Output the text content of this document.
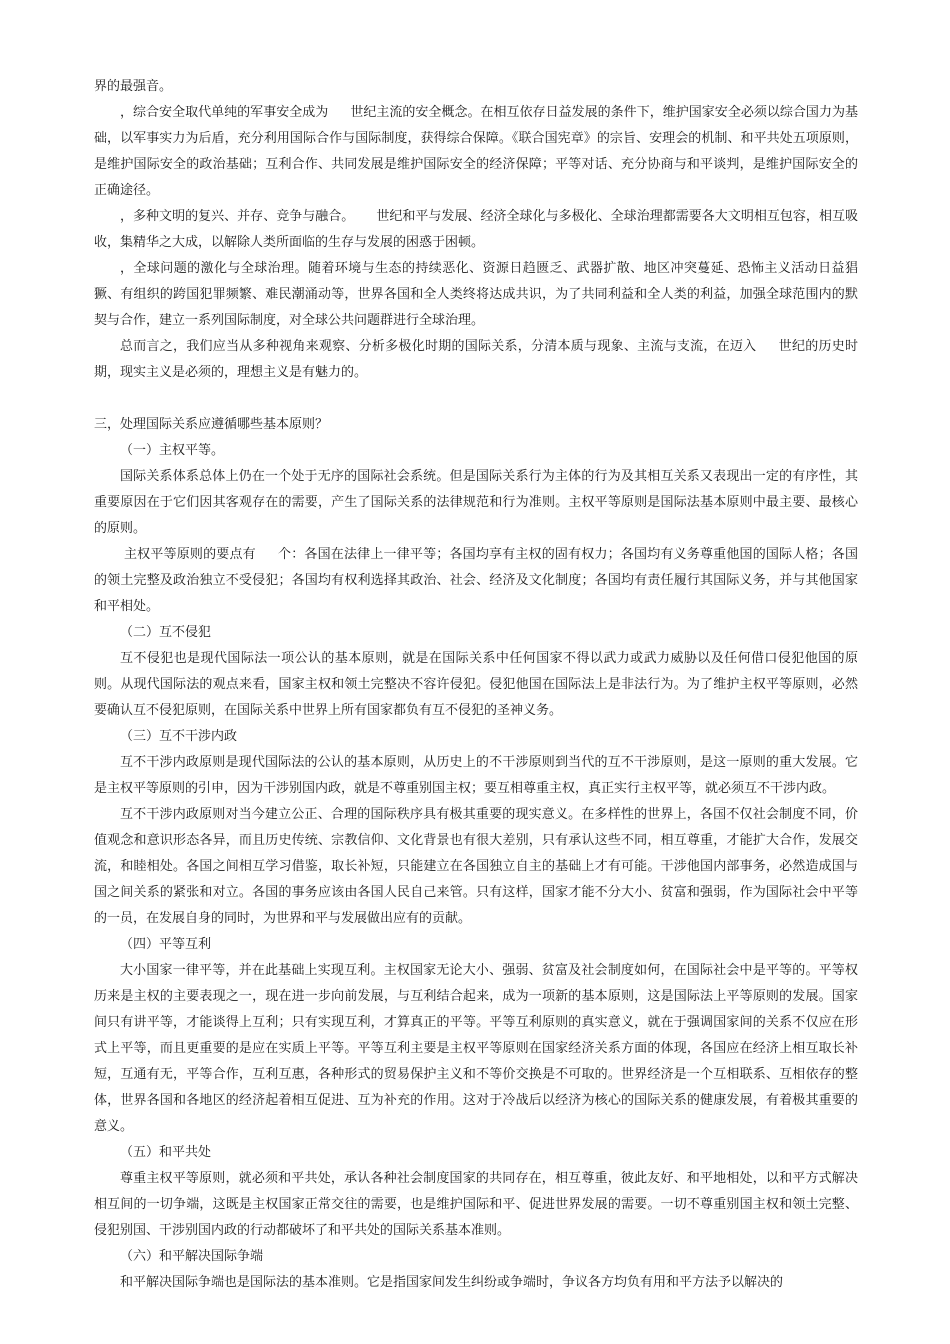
界的最强音。

，综合安全取代单纯的军事安全成为 世纪主流的安全概念。在相互依存日益发展的条件下，维护国家安全必须以综合国力为基础，以军事实力为后盾，充分利用国际合作与国际制度，获得综合保障。《联合国宪章》的宗旨、安理会的机制、和平共处五项原则，是维护国际安全的政治基础；互利合作、共同发展是维护国际安全的经济保障；平等对话、充分协商与和平谈判，是维护国际安全的正确途径。

，多种文明的复兴、并存、竞争与融合。 世纪和平与发展、经济全球化与多极化、全球治理都需要各大文明相互包容，相互吸收，集精华之大成，以解除人类所面临的生存与发展的困惑于困顿。

，全球问题的激化与全球治理。随着环境与生态的持续恶化、资源日趋匮乏、武器扩散、地区冲突蔓延、恐怖主义活动日益猖獗、有组织的跨国犯罪频繁、难民潮涌动等，世界各国和全人类终将达成共识，为了共同利益和全人类的利益，加强全球范围内的默契与合作，建立一系列国际制度，对全球公共问题群进行全球治理。

总而言之，我们应当从多种视角来观察、分析多极化时期的国际关系，分清本质与现象、主流与支流，在迈入 世纪的历史时期，现实主义是必须的，理想主义是有魅力的。

三，处理国际关系应遵循哪些基本原则？

（一）主权平等。

国际关系体系总体上仍在一个处于无序的国际社会系统。但是国际关系行为主体的行为及其相互关系又表现出一定的有序性，其重要原因在于它们因其客观存在的需要，产生了国际关系的法律规范和行为准则。主权平等原则是国际法基本原则中最主要、最核心的原则。

主权平等原则的要点有 个：各国在法律上一律平等；各国均享有主权的固有权力；各国均有义务尊重他国的国际人格；各国的领土完整及政治独立不受侵犯；各国均有权利选择其政治、社会、经济及文化制度；各国均有责任履行其国际义务，并与其他国家和平相处。

（二）互不侵犯

互不侵犯也是现代国际法一项公认的基本原则，就是在国际关系中任何国家不得以武力或武力威胁以及任何借口侵犯他国的原则。从现代国际法的观点来看，国家主权和领土完整决不容许侵犯。侵犯他国在国际法上是非法行为。为了维护主权平等原则，必然要确认互不侵犯原则，在国际关系中世界上所有国家都负有互不侵犯的圣神义务。

（三）互不干涉内政

互不干涉内政原则是现代国际法的公认的基本原则，从历史上的不干涉原则到当代的互不干涉原则，是这一原则的重大发展。它是主权平等原则的引申，因为干涉别国内政，就是不尊重别国主权；要互相尊重主权，真正实行主权平等，就必须互不干涉内政。

互不干涉内政原则对当今建立公正、合理的国际秩序具有极其重要的现实意义。在多样性的世界上，各国不仅社会制度不同，价值观念和意识形态各异，而且历史传统、宗教信仰、文化背景也有很大差别，只有承认这些不同，相互尊重，才能扩大合作，发展交流，和睦相处。各国之间相互学习借鉴，取长补短，只能建立在各国独立自主的基础上才有可能。干涉他国内部事务，必然造成国与国之间关系的紧张和对立。各国的事务应该由各国人民自己来管。只有这样，国家才能不分大小、贫富和强弱，作为国际社会中平等的一员，在发展自身的同时，为世界和平与发展做出应有的贡献。

（四）平等互利

大小国家一律平等，并在此基础上实现互利。主权国家无论大小、强弱、贫富及社会制度如何，在国际社会中是平等的。平等权历来是主权的主要表现之一，现在进一步向前发展，与互利结合起来，成为一项新的基本原则，这是国际法上平等原则的发展。国家间只有讲平等，才能谈得上互利；只有实现互利，才算真正的平等。平等互利原则的真实意义，就在于强调国家间的关系不仅应在形式上平等，而且更重要的是应在实质上平等。平等互利主要是主权平等原则在国家经济关系方面的体现，各国应在经济上相互取长补短，互通有无，平等合作，互利互惠，各种形式的贸易保护主义和不等价交换是不可取的。世界经济是一个互相联系、互相依存的整体，世界各国和各地区的经济起着相互促进、互为补充的作用。这对于冷战后以经济为核心的国际关系的健康发展，有着极其重要的意义。

（五）和平共处

尊重主权平等原则，就必须和平共处，承认各种社会制度国家的共同存在，相互尊重，彼此友好、和平地相处，以和平方式解决相互间的一切争端，这既是主权国家正常交往的需要，也是维护国际和平、促进世界发展的需要。一切不尊重别国主权和领土完整、侵犯别国、干涉别国内政的行动都破坏了和平共处的国际关系基本准则。

（六）和平解决国际争端

和平解决国际争端也是国际法的基本准则。它是指国家间发生纠纷或争端时，争议各方均负有用和平方法予以解决的
